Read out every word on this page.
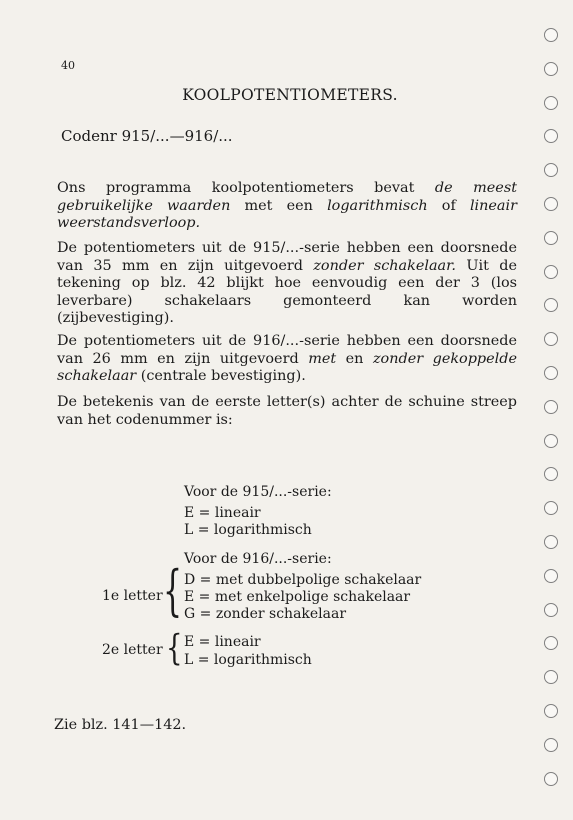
40
KOOLPOTENTIOMETERS.
Codenr 915/...—916/...
Ons programma koolpotentiometers bevat de meest gebruikelijke waarden met een logarithmisch of lineair weerstandsverloop.
De potentiometers uit de 915/...-serie hebben een doorsnede van 35 mm en zijn uitgevoerd zonder schakelaar. Uit de tekening op blz. 42 blijkt hoe eenvoudig een der 3 (los leverbare) schakelaars gemonteerd kan worden (zijbevestiging).
De potentiometers uit de 916/...-serie hebben een doorsnede van 26 mm en zijn uitgevoerd met en zonder gekoppelde schakelaar (centrale bevestiging).
De betekenis van de eerste letter(s) achter de schuine streep van het codenummer is:
Voor de 915/...-serie:
E = lineair
L = logarithmisch
Voor de 916/...-serie:
1e letter { D = met dubbelpolige schakelaar
E = met enkelpolige schakelaar
G = zonder schakelaar
2e letter { E = lineair
L = logarithmisch
Zie blz. 141—142.
